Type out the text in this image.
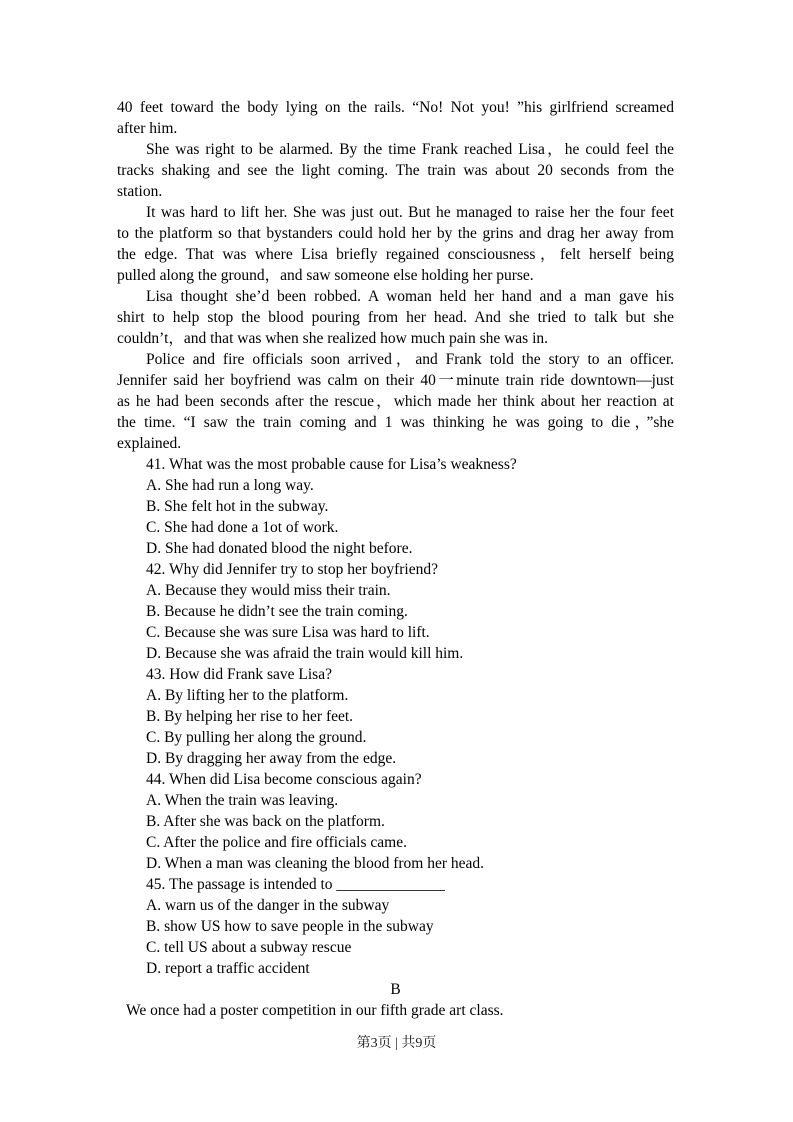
40 feet toward the body lying on the rails. “No! Not you! ”his girlfriend screamed
after him.
She was right to be alarmed. By the time Frank reached Lisa，he could feel the
tracks shaking and see the light coming. The train was about 20 seconds from the
station.
It was hard to lift her. She was just out. But he managed to raise her the four feet
to the platform so that bystanders could hold her by the grins and drag her away from
the edge. That was where Lisa briefly regained consciousness，felt herself being
pulled along the ground，and saw someone else holding her purse.
Lisa thought she’d been robbed. A woman held her hand and a man gave his
shirt to help stop the blood pouring from her head. And she tried to talk but she
couldn’t，and that was when she realized how much pain she was in.
Police and fire officials soon arrived，and Frank told the story to an officer.
Jennifer said her boyfriend was calm on their 40一minute train ride downtown—just
as he had been seconds after the rescue，which made her think about her reaction at
the time. “I saw the train coming and 1 was thinking he was going to die，”she
explained.
41. What was the most probable cause for Lisa’s weakness?
A. She had run a long way.
B. She felt hot in the subway.
C. She had done a 1ot of work.
D. She had donated blood the night before.
42. Why did Jennifer try to stop her boyfriend?
A. Because they would miss their train.
B. Because he didn’t see the train coming.
C. Because she was sure Lisa was hard to lift.
D. Because she was afraid the train would kill him.
43. How did Frank save Lisa?
A. By lifting her to the platform.
B. By helping her rise to her feet.
C. By pulling her along the ground.
D. By dragging her away from the edge.
44. When did Lisa become conscious again?
A. When the train was leaving.
B. After she was back on the platform.
C. After the police and fire officials came.
D. When a man was cleaning the blood from her head.
45. The passage is intended to ______________
A. warn us of the danger in the subway
B. show US how to save people in the subway
C. tell US about a subway rescue
D. report a traffic accident
B
We once had a poster competition in our fifth grade art class.
第3页 | 共9页
